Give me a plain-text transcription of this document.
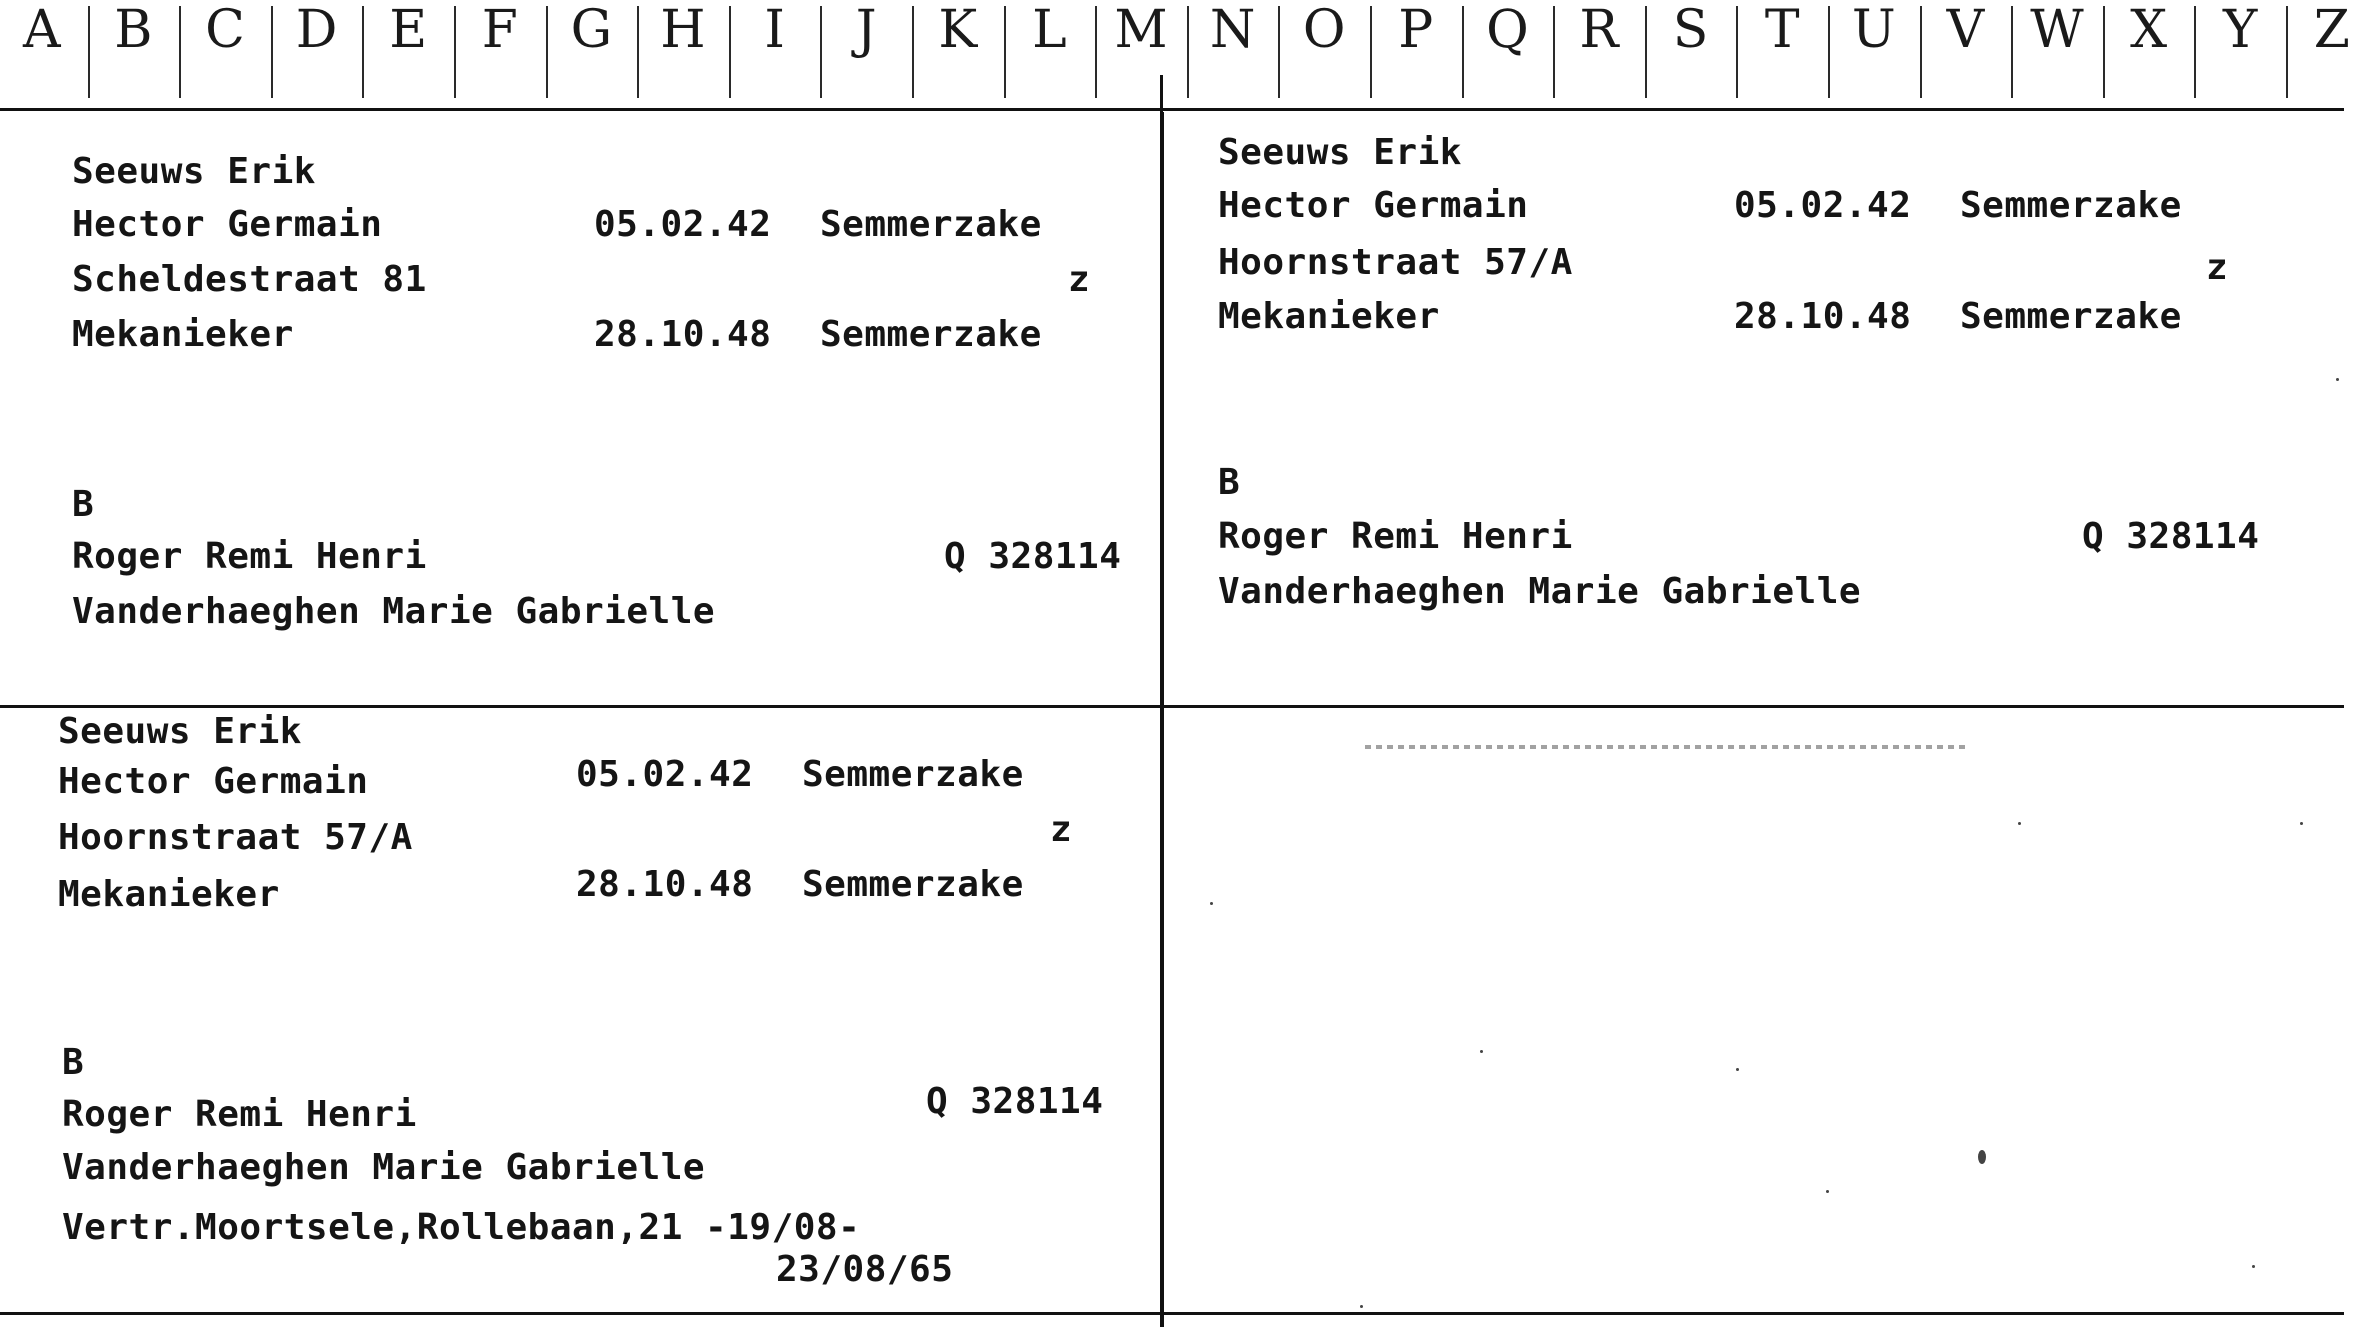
A	B	C D E	F	G H	I	J	K	L M N O	P	Q R	S	T	U V W X	Y	Z
Seeuws Erik
Hector Germain	05.02.42 Semmerzake
Scheldestraat 81	z
Mekanieker	28.10.48 Semmerzake
B
Roger Remi Henri	Q 328114
Vanderhaeghen Marie Gabrielle
Seeuws Erik
Hector Germain	05.02.42 Semmerzake
Hoornstraat 57/A	z
Mekanieker	28.10.48 Semmerzake
B
Roger Remi Henri	Q 328114
Vanderhaeghen Marie Gabrielle
Seeuws Erik
Hector Germain	05.02.42 Semmerzake
Hoornstraat 57/A	z
Mekanieker	28.10.48 Semmerzake
B
Roger Remi Henri	Q 328114
Vanderhaeghen Marie Gabrielle
Vertr.Moortsele,Rollebaan,21 -19/08-
23/08/65
